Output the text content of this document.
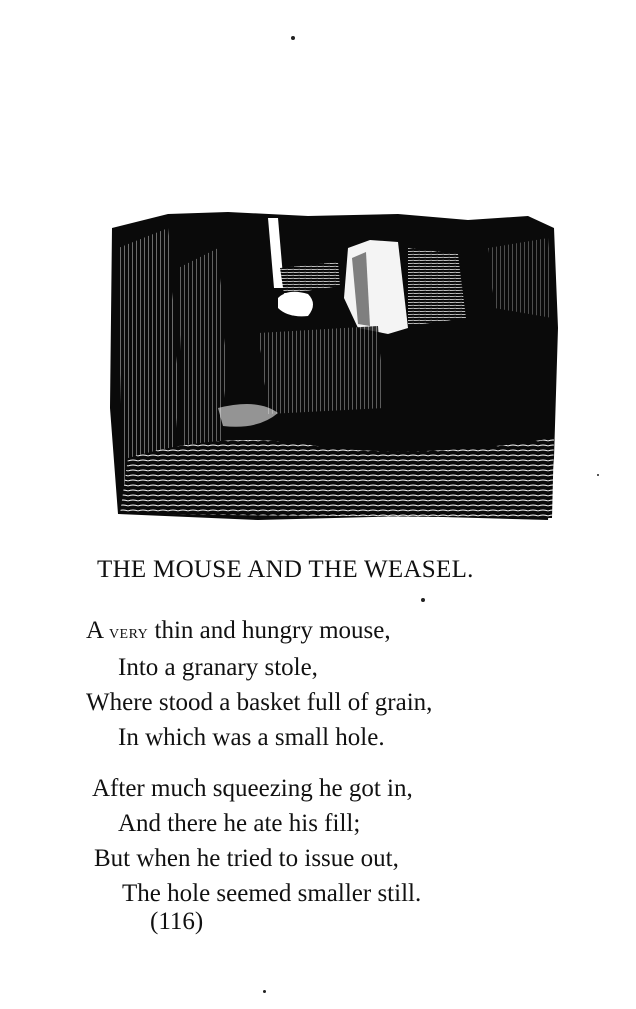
THE MOUSE AND THE WEASEL.
A very thin and hungry mouse,
Into a granary stole,
Where stood a basket full of grain,
In which was a small hole.
After much squeezing he got in,
And there he ate his fill;
But when he tried to issue out,
The hole seemed smaller still.
(116)
